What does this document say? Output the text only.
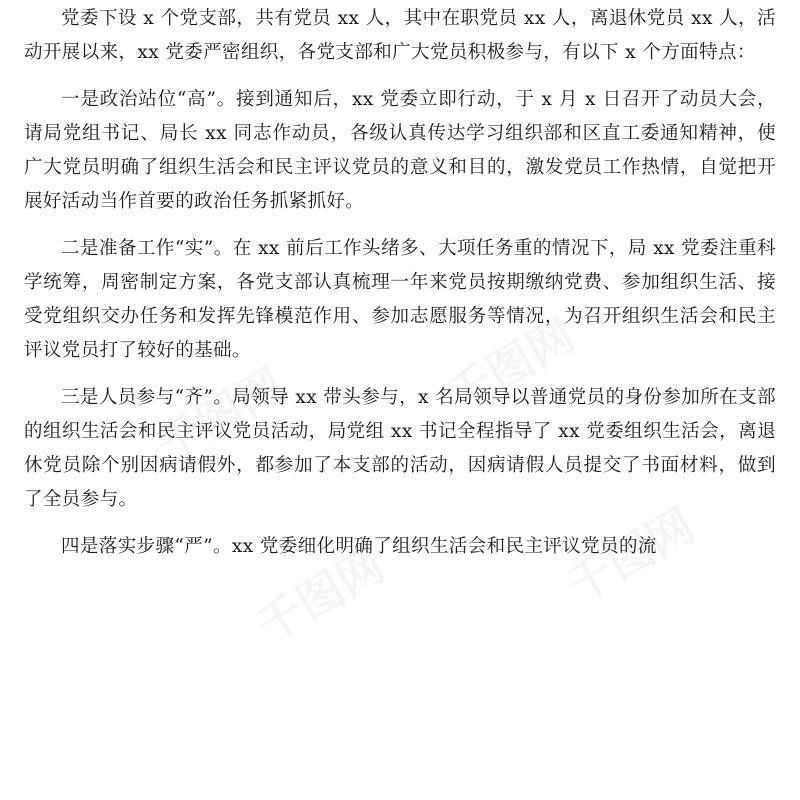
千图网	千图网
千图网	千图网

党委下设 x 个党支部，共有党员 xx 人，其中在职党员 xx 人，离退休党员 xx 人，活动开展以来，xx 党委严密组织，各党支部和广大党员积极参与，有以下 x 个方面特点：

一是政治站位“高”。接到通知后，xx 党委立即行动，于 x 月 x 日召开了动员大会，请局党组书记、局长 xx 同志作动员，各级认真传达学习组织部和区直工委通知精神，使广大党员明确了组织生活会和民主评议党员的意义和目的，激发党员工作热情，自觉把开展好活动当作首要的政治任务抓紧抓好。

二是准备工作“实”。在 xx 前后工作头绪多、大项任务重的情况下，局 xx 党委注重科学统筹，周密制定方案，各党支部认真梳理一年来党员按期缴纳党费、参加组织生活、接受党组织交办任务和发挥先锋模范作用、参加志愿服务等情况，为召开组织生活会和民主评议党员打了较好的基础。

三是人员参与“齐”。局领导 xx 带头参与，x 名局领导以普通党员的身份参加所在支部的组织生活会和民主评议党员活动，局党组 xx 书记全程指导了 xx 党委组织生活会，离退休党员除个别因病请假外，都参加了本支部的活动，因病请假人员提交了书面材料，做到了全员参与。

四是落实步骤“严”。xx 党委细化明确了组织生活会和民主评议党员的流
